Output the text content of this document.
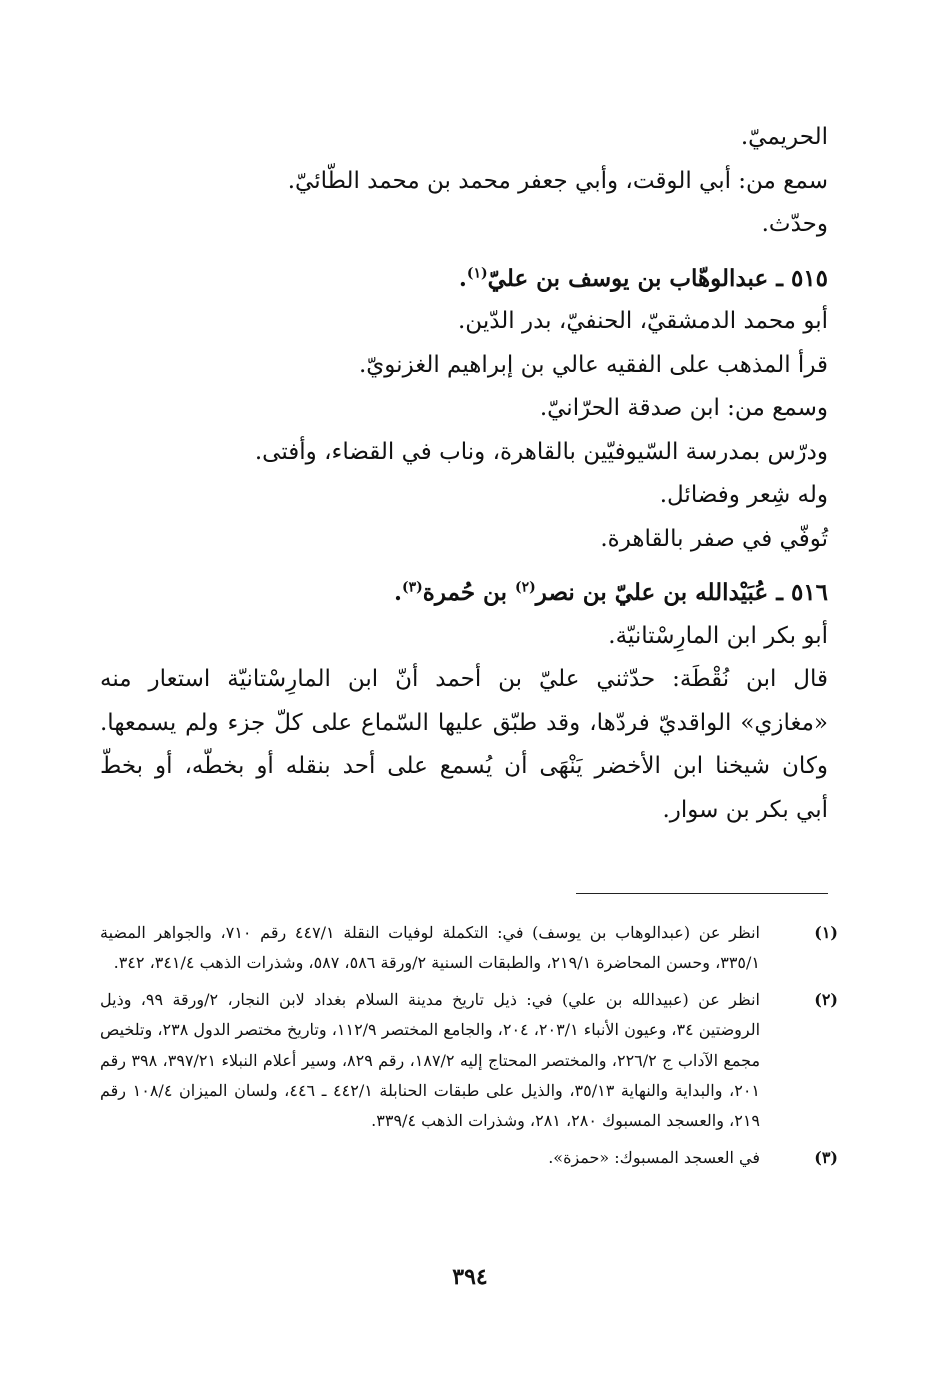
الحريميّ.
سمع من: أبي الوقت، وأبي جعفر محمد بن محمد الطّائيّ.
وحدّث.
٥١٥ ـ عبدالوهّاب بن يوسف بن عليّ$^{(١)}$.
أبو محمد الدمشقيّ، الحنفيّ، بدر الدّين.
قرأ المذهب على الفقيه عالي بن إبراهيم الغزنويّ.
وسمع من: ابن صدقة الحرّانيّ.
ودرّس بمدرسة السّيوفيّين بالقاهرة، وناب في القضاء، وأفتى.
وله شِعر وفضائل.
تُوفّي في صفر بالقاهرة.
٥١٦ ـ عُبَيْدالله بن عليّ بن نصر$^{(٢)}$ بن حُمرة$^{(٣)}$.
أبو بكر ابن المارِسْتانيّة.
قال ابن نُقْطَة: حدّثني عليّ بن أحمد أنّ ابن المارِسْتانيّة استعار منه
«مغازي» الواقديّ فردّها، وقد طبّق عليها السّماع على كلّ جزء ولم يسمعها.
وكان شيخنا ابن الأخضر يَنْهَى أن يُسمع على أحد بنقله أو بخطّه، أو بخطّ
أبي بكر بن سوار.
(١)
انظر عن (عبدالوهاب بن يوسف) في: التكملة لوفيات النقلة ٤٤٧/١ رقم ٧١٠، والجواهر المضية ٣٣٥/١، وحسن المحاضرة ٢١٩/١، والطبقات السنية ٢/ورقة ٥٨٦، ٥٨٧، وشذرات الذهب ٣٤١/٤، ٣٤٢.
(٢)
انظر عن (عبيدالله بن علي) في: ذيل تاريخ مدينة السلام بغداد لابن النجار، ٢/ورقة ٩٩، وذيل الروضتين ٣٤، وعيون الأنباء ٢٠٣/١، ٢٠٤، والجامع المختصر ١١٢/٩، وتاريخ مختصر الدول ٢٣٨، وتلخيص مجمع الآداب ج ٢٢٦/٢، والمختصر المحتاج إليه ١٨٧/٢، رقم ٨٢٩، وسير أعلام النبلاء ٣٩٧/٢١، ٣٩٨ رقم ٢٠١، والبداية والنهاية ٣٥/١٣، والذيل على طبقات الحنابلة ٤٤٢/١ ـ ٤٤٦، ولسان الميزان ١٠٨/٤ رقم ٢١٩، والعسجد المسبوك ٢٨٠، ٢٨١، وشذرات الذهب ٣٣٩/٤.
(٣)
في العسجد المسبوك: «حمزة».
٣٩٤
